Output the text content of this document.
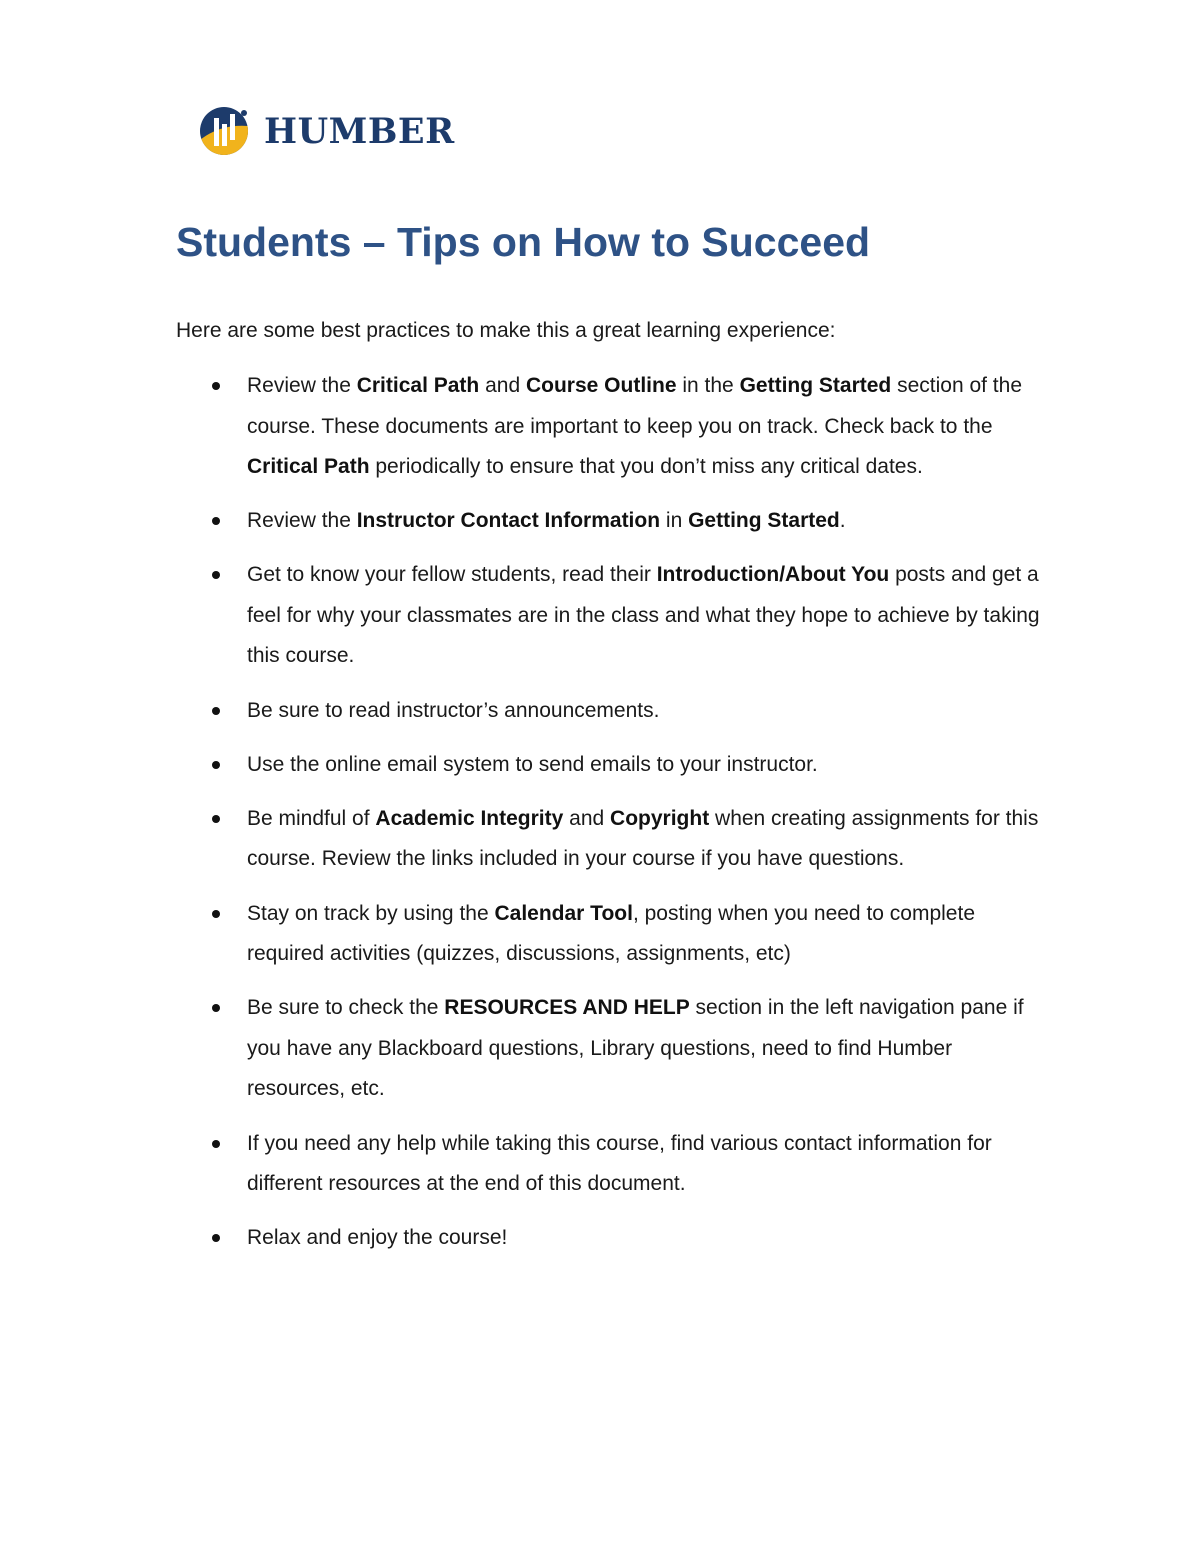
HUMBER
Students – Tips on How to Succeed

Here are some best practices to make this a great learning experience:

Review the Critical Path and Course Outline in the Getting Started section of the course. These documents are important to keep you on track. Check back to the Critical Path periodically to ensure that you don’t miss any critical dates.
Review the Instructor Contact Information in Getting Started.
Get to know your fellow students, read their Introduction/About You posts and get a feel for why your classmates are in the class and what they hope to achieve by taking this course.
Be sure to read instructor’s announcements.
Use the online email system to send emails to your instructor.
Be mindful of Academic Integrity and Copyright when creating assignments for this course. Review the links included in your course if you have questions.
Stay on track by using the Calendar Tool, posting when you need to complete required activities (quizzes, discussions, assignments, etc)
Be sure to check the RESOURCES AND HELP section in the left navigation pane if you have any Blackboard questions, Library questions, need to find Humber resources, etc.
If you need any help while taking this course, find various contact information for different resources at the end of this document.
Relax and enjoy the course!
